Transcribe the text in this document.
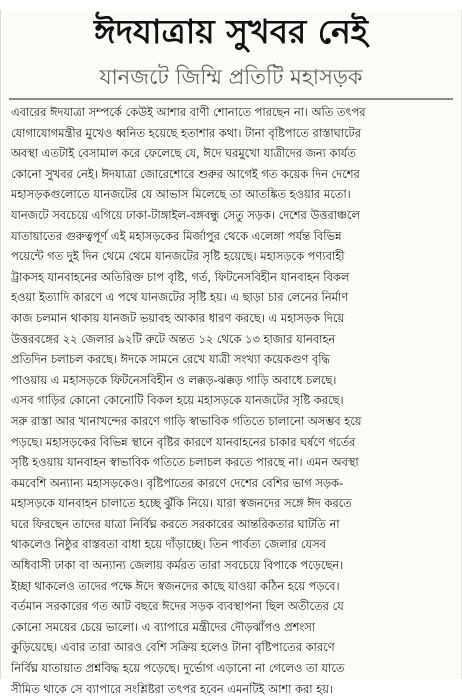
ঈদযাত্রায় সুখবর নেই
যানজটে জিম্মি প্রতিটি মহাসড়ক
এবারের ঈদযাত্রা সম্পর্কে কেউই আশার বাণী শোনাতে পারছেন না। অতি তৎপর
যোগাযোগমন্ত্রীর মুখেও ধ্বনিত হয়েছে হতাশার কথা। টানা বৃষ্টিপাতে রাস্তাঘাটের
অবস্থা এতটাই বেসামাল করে ফেলেছে যে, ঈদে ঘরমুখো যাত্রীদের জন্য কার্যত
কোনো সুখবর নেই। ঈদযাত্রা জোরেশোরে শুরুর আগেই গত কয়েক দিন দেশের
মহাসড়কগুলোতে যানজটের যে আভাস মিলেছে তা আতঙ্কিত হওয়ার মতো।
যানজটে সবচেয়ে এগিয়ে ঢাকা-টাঙ্গাইল-বঙ্গবন্ধু সেতু সড়ক। দেশের উত্তরাঞ্চলে
যাতায়াতের গুরুত্বপূর্ণ এই মহাসড়কের মির্জাপুর থেকে এলেঙ্গা পর্যন্ত বিভিন্ন
পয়েন্টে গত দুই দিন থেমে থেমে যানজটের সৃষ্টি হয়েছে। মহাসড়কে পণ্যবাহী
ট্রাকসহ যানবাহনের অতিরিক্ত চাপ বৃষ্টি, গর্ত, ফিটনেসবিহীন যানবাহন বিকল
হওয়া ইত্যাদি কারণে এ পথে যানজটের সৃষ্টি হয়। এ ছাড়া চার লেনের নির্মাণ
কাজ চলমান থাকায় যানজট ভয়াবহ আকার ধারণ করছে। এ মহাসড়ক দিয়ে
উত্তরবঙ্গের ২২ জেলার ৯২টি রুটে অন্তত ১২ থেকে ১৩ হাজার যানবাহন
প্রতিদিন চলাচল করছে। ঈদকে সামনে রেখে যাত্রী সংখ্যা কয়েকগুণ বৃদ্ধি
পাওয়ায় এ মহাসড়কে ফিটনেসবিহীন ও লক্কড়-ঝক্কড় গাড়ি অবাধে চলছে।
এসব গাড়ির কোনো কোনোটি বিকল হয়ে মহাসড়কে যানজটের সৃষ্টি করছে।
সরু রাস্তা আর খানাখন্দের কারণে গাড়ি স্বাভাবিক গতিতে চালানো অসম্ভব হয়ে
পড়ছে। মহাসড়কের বিভিন্ন স্থানে বৃষ্টির কারণে যানবাহনের চাকার ঘর্ষণে গর্তের
সৃষ্টি হওয়ায় যানবাহন স্বাভাবিক গতিতে চলাচল করতে পারছে না। এমন অবস্থা
কমবেশি অন্যান্য মহাসড়কেও। বৃষ্টিপাতের কারণে দেশের বেশির ভাগ সড়ক-
মহাসড়কে যানবাহন চালাতে হচ্ছে ঝুঁকি নিয়ে। যারা স্বজনদের সঙ্গে ঈদ করতে
ঘরে ফিরছেন তাদের যাত্রা নির্বিঘ্ন করতে সরকারের আন্তরিকতার ঘাটতি না
থাকলেও নিষ্ঠুর বাস্তবতা বাধা হয়ে দাঁড়াচ্ছে। তিন পার্বত্য জেলার যেসব
অধিবাসী ঢাকা বা অন্যান্য জেলায় কর্মরত তারা সবচেয়ে বিপাকে পড়েছেন।
ইচ্ছা থাকলেও তাদের পক্ষে ঈদে স্বজনদের কাছে যাওয়া কঠিন হয়ে পড়বে।
বর্তমান সরকারের গত আট বছরে ঈদের সড়ক ব্যবস্থাপনা ছিল অতীতের যে
কোনো সময়ের চেয়ে ভালো। এ ব্যাপারে মন্ত্রীদের দৌড়ঝাঁপও প্রশংসা
কুড়িয়েছে। এবার তারা আরও বেশি সক্রিয় হলেও টানা বৃষ্টিপাতের কারণে
নির্বিঘ্ন যাতায়াত প্রশ্নবিদ্ধ হয়ে পড়েছে। দুর্ভোগ এড়ানো না গেলেও তা যাতে
সীমিত থাকে সে ব্যাপারে সংশ্লিষ্টরা তৎপর হবেন এমনটিই আশা করা হয়।
